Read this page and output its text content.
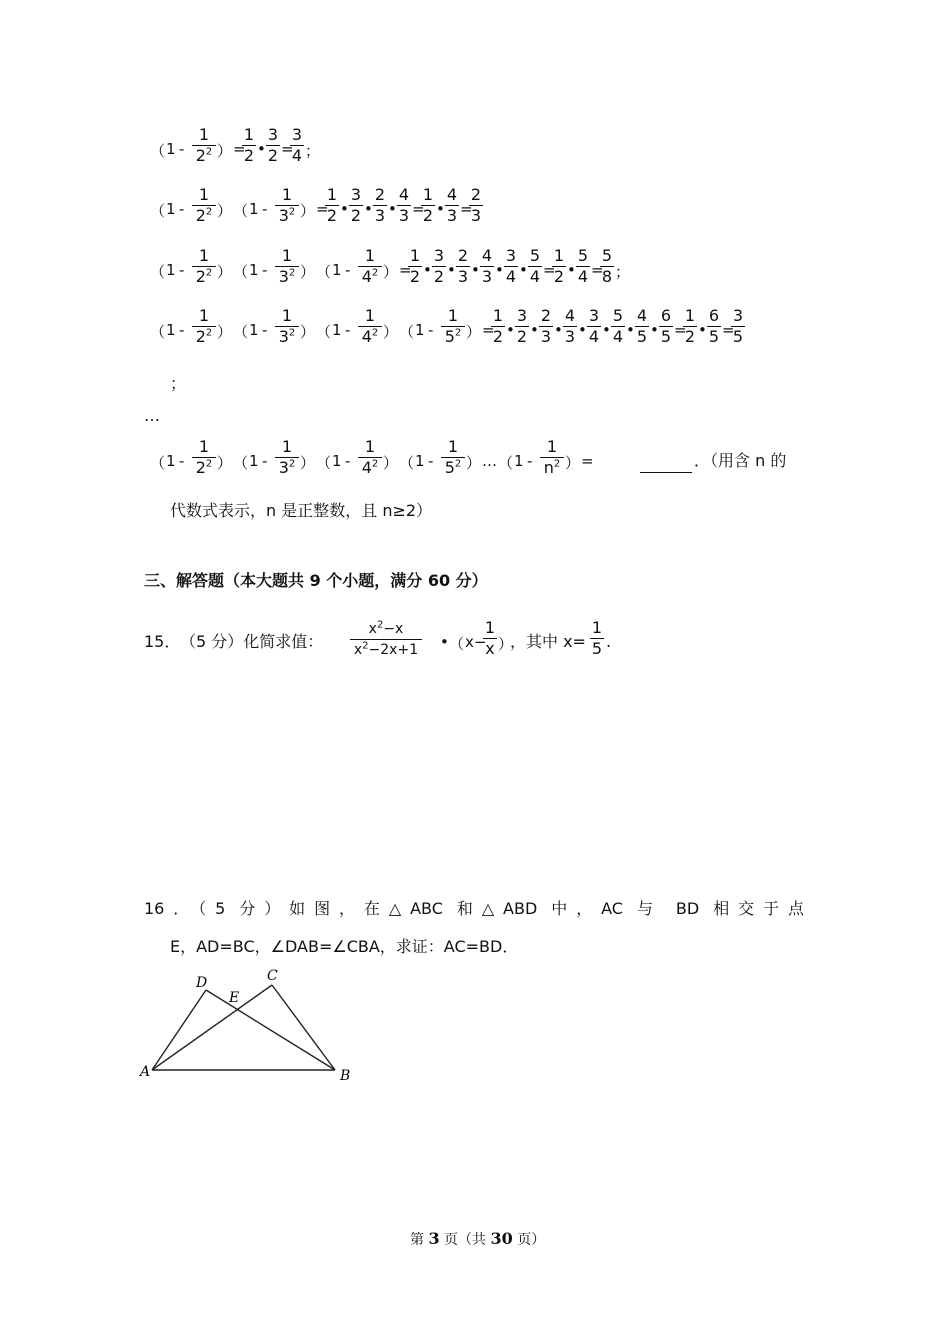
（ 1 -
1
$2^2$ ） =
1
2 •
3
2 =
3
4 ；
（ 1 -
1
$2^2$ ） （ 1 -
1
$3^2$ ） =
1
2 •
3
2 •
2
3 •
4
3 =
1
2 •
4
3 =
2
3
（ 1 -
1
$2^2$ ） （ 1 -
1
$3^2$ ） （ 1 -
1
$4^2$ ） =
1
2 •
3
2 •
2
3 •
4
3 •
3
4 •
5
4 =
1
2 •
5
4 =
5
8 ；
（ 1 -
1
$2^2$ ） （ 1 -
1
$3^2$ ） （ 1 -
1
$4^2$ ） （ 1 -
1
$5^2$ ） =
1
2 •
3
2 •
2
3 •
4
3 •
3
4 •
5
4 •
4
5 •
6
5 =
1
2 •
6
5 =
3
5
（ 1 -
1
$2^2$ ） （ 1 -
1
$3^2$ ） （ 1 -
1
$4^2$ ） （ 1 -
1
$5^2$ ） … （ 1 -
1
$n^2$ ） =
• （ x −
1
x ）
1
5
；
…
．（用含 n 的
代数式表示，n 是正整数，且 n≥2）
三、解答题（本大题共 9 个小题，满分 60 分）
15． （5 分）化简求值：	，其中 x= .
16．（5 分）如图，在△ABC 和△ABD 中，AC 与 BD 相交于点
E，AD=BC，∠DAB=∠CBA，求证：AC=BD．
A	B
C
D
E
第 3 页（共 30 页）
$x^2-x$
$x^2-2x+1$
